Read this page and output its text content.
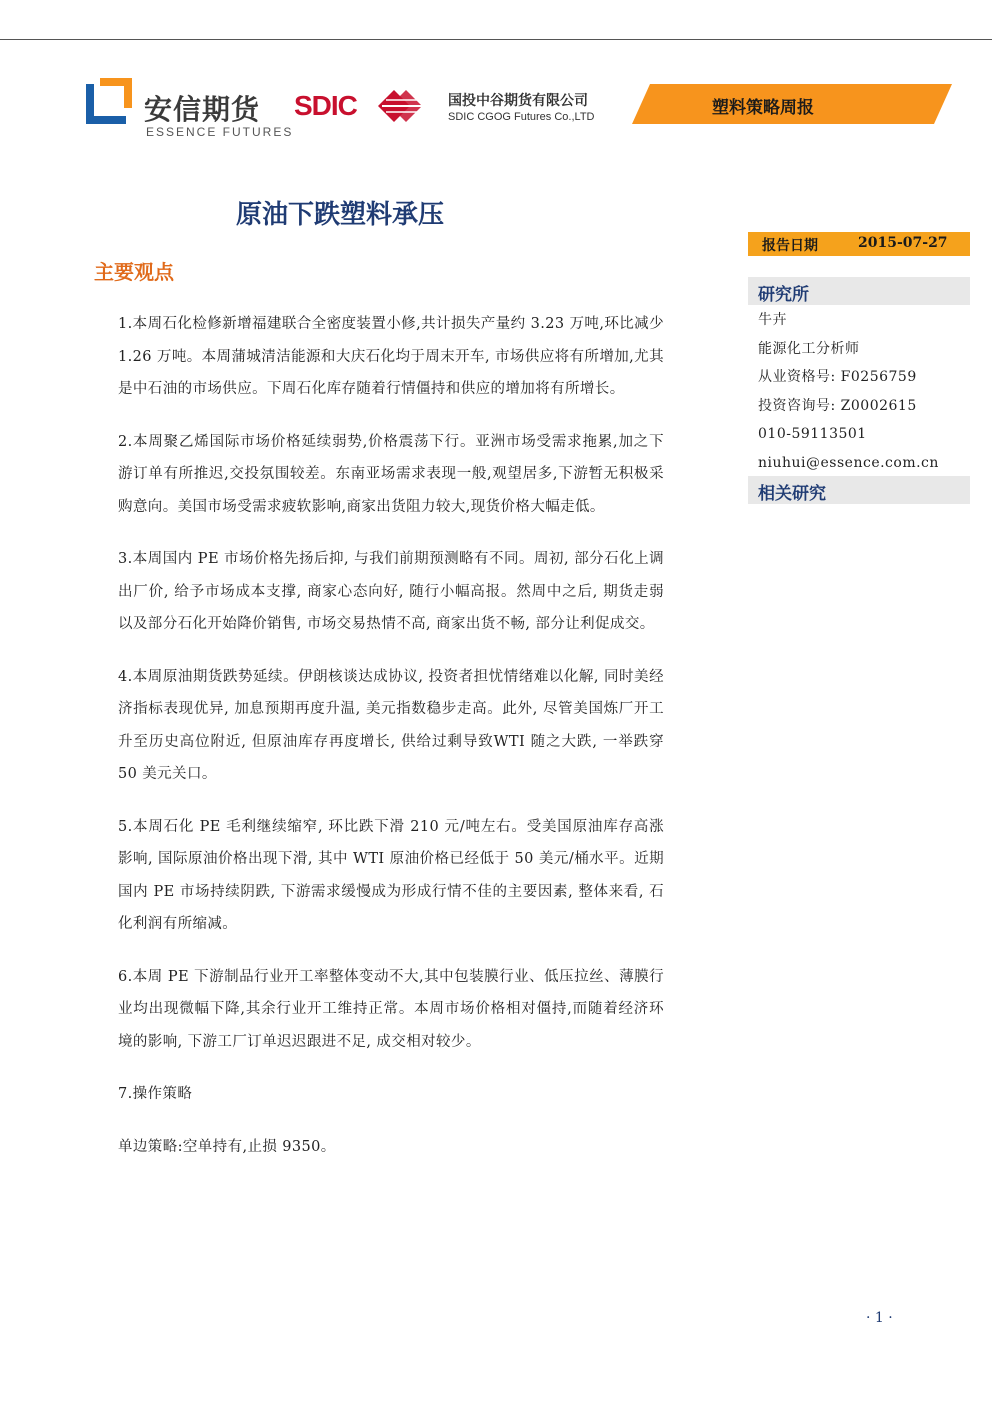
安信期货
ESSENCE FUTURES
SDIC	国投中谷期货有限公司
SDIC CGOG Futures Co.,LTD	塑料策略周报
原油下跌塑料承压
主要观点
报告日期	2015-07-27
研究所
牛卉
能源化工分析师
从业资格号: F0256759
投资咨询号: Z0002615
010-59113501
niuhui@essence.com.cn
相关研究

1.本周石化检修新增福建联合全密度装置小修,共计损失产量约 3.23 万吨,环比减少 1.26 万吨。本周蒲城清洁能源和大庆石化均于周末开车, 市场供应将有所增加,尤其是中石油的市场供应。下周石化库存随着行情僵持和供应的增加将有所增长。

2.本周聚乙烯国际市场价格延续弱势,价格震荡下行。亚洲市场受需求拖累,加之下游订单有所推迟,交投氛围较差。东南亚场需求表现一般,观望居多,下游暂无积极采购意向。美国市场受需求疲软影响,商家出货阻力较大,现货价格大幅走低。

3.本周国内 PE 市场价格先扬后抑, 与我们前期预测略有不同。周初, 部分石化上调出厂价, 给予市场成本支撑, 商家心态向好, 随行小幅高报。然周中之后, 期货走弱以及部分石化开始降价销售, 市场交易热情不高, 商家出货不畅, 部分让利促成交。

4.本周原油期货跌势延续。伊朗核谈达成协议, 投资者担忧情绪难以化解, 同时美经济指标表现优异, 加息预期再度升温, 美元指数稳步走高。此外, 尽管美国炼厂开工升至历史高位附近, 但原油库存再度增长, 供给过剩导致WTI 随之大跌, 一举跌穿 50 美元关口。

5.本周石化 PE 毛利继续缩窄, 环比跌下滑 210 元/吨左右。受美国原油库存高涨影响, 国际原油价格出现下滑, 其中 WTI 原油价格已经低于 50 美元/桶水平。近期国内 PE 市场持续阴跌, 下游需求缓慢成为形成行情不佳的主要因素, 整体来看, 石化利润有所缩减。

6.本周 PE 下游制品行业开工率整体变动不大,其中包装膜行业、低压拉丝、薄膜行业均出现微幅下降,其余行业开工维持正常。本周市场价格相对僵持,而随着经济环境的影响, 下游工厂订单迟迟跟进不足, 成交相对较少。

7.操作策略

单边策略:空单持有,止损 9350。

· 1 ·
